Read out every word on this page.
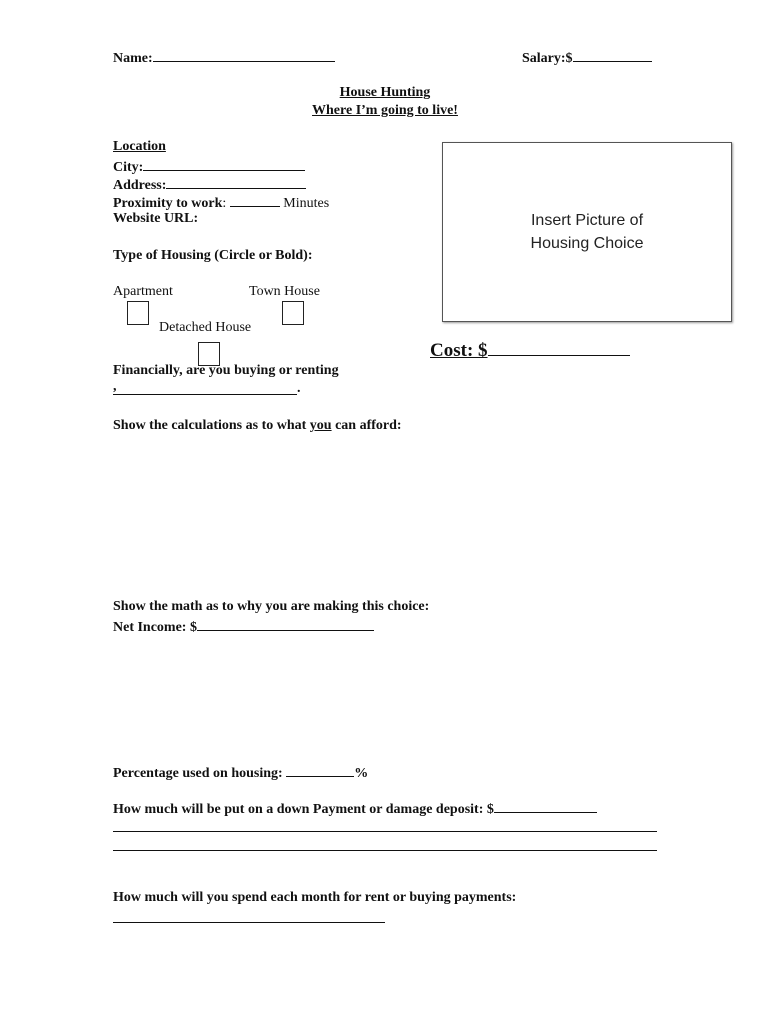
Name:	Salary:$
House Hunting
Where I’m going to live!
Location
City:
Address:
Proximity to work:	Minutes
Website URL:	Insert Picture of
Housing Choice
Type of Housing (Circle or Bold):
Apartment	Town House
Detached House
Cost: $
Financially, are you buying or renting
,	.
Show the calculations as to what you can afford:
Show the math as to why you are making this choice:
Net Income: $
Percentage used on housing:	%
How much will be put on a down Payment or damage deposit: $
How much will you spend each month for rent or buying payments:
